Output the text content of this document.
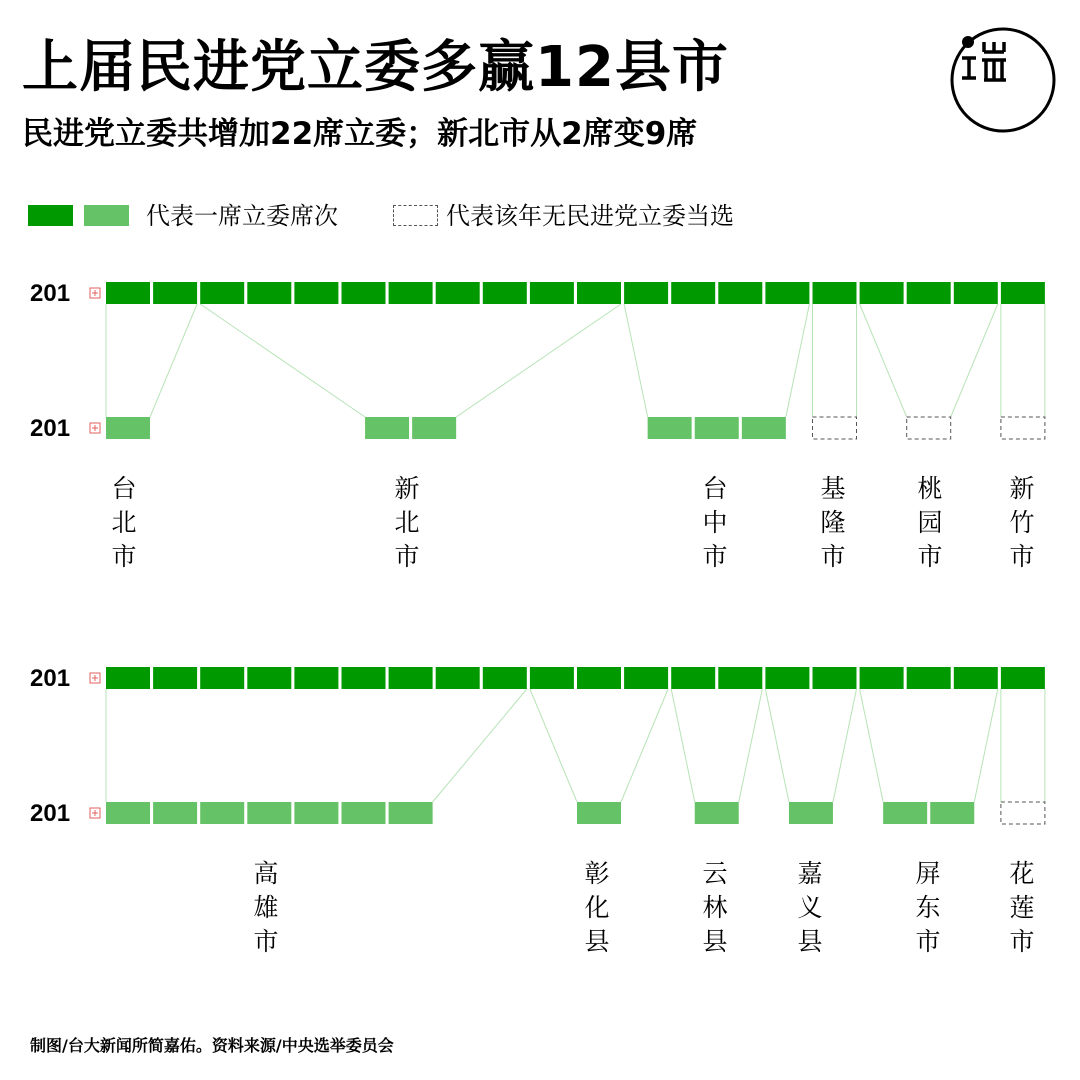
上届民进党立委多赢12县市
民进党立委共增加22席立委；新北市从2席变9席
代表一席立委席次	代表该年无民进党立委当选
201
201
台
北
市
新
北
市
台
中
市
基
隆
市
桃
园
市
新
竹
市
201
201
高
雄
市
彰
化
县
云
林
县
嘉
义
县
屏
东
市
花
莲
市
制图/台大新闻所简嘉佑。资料来源/中央选举委员会
